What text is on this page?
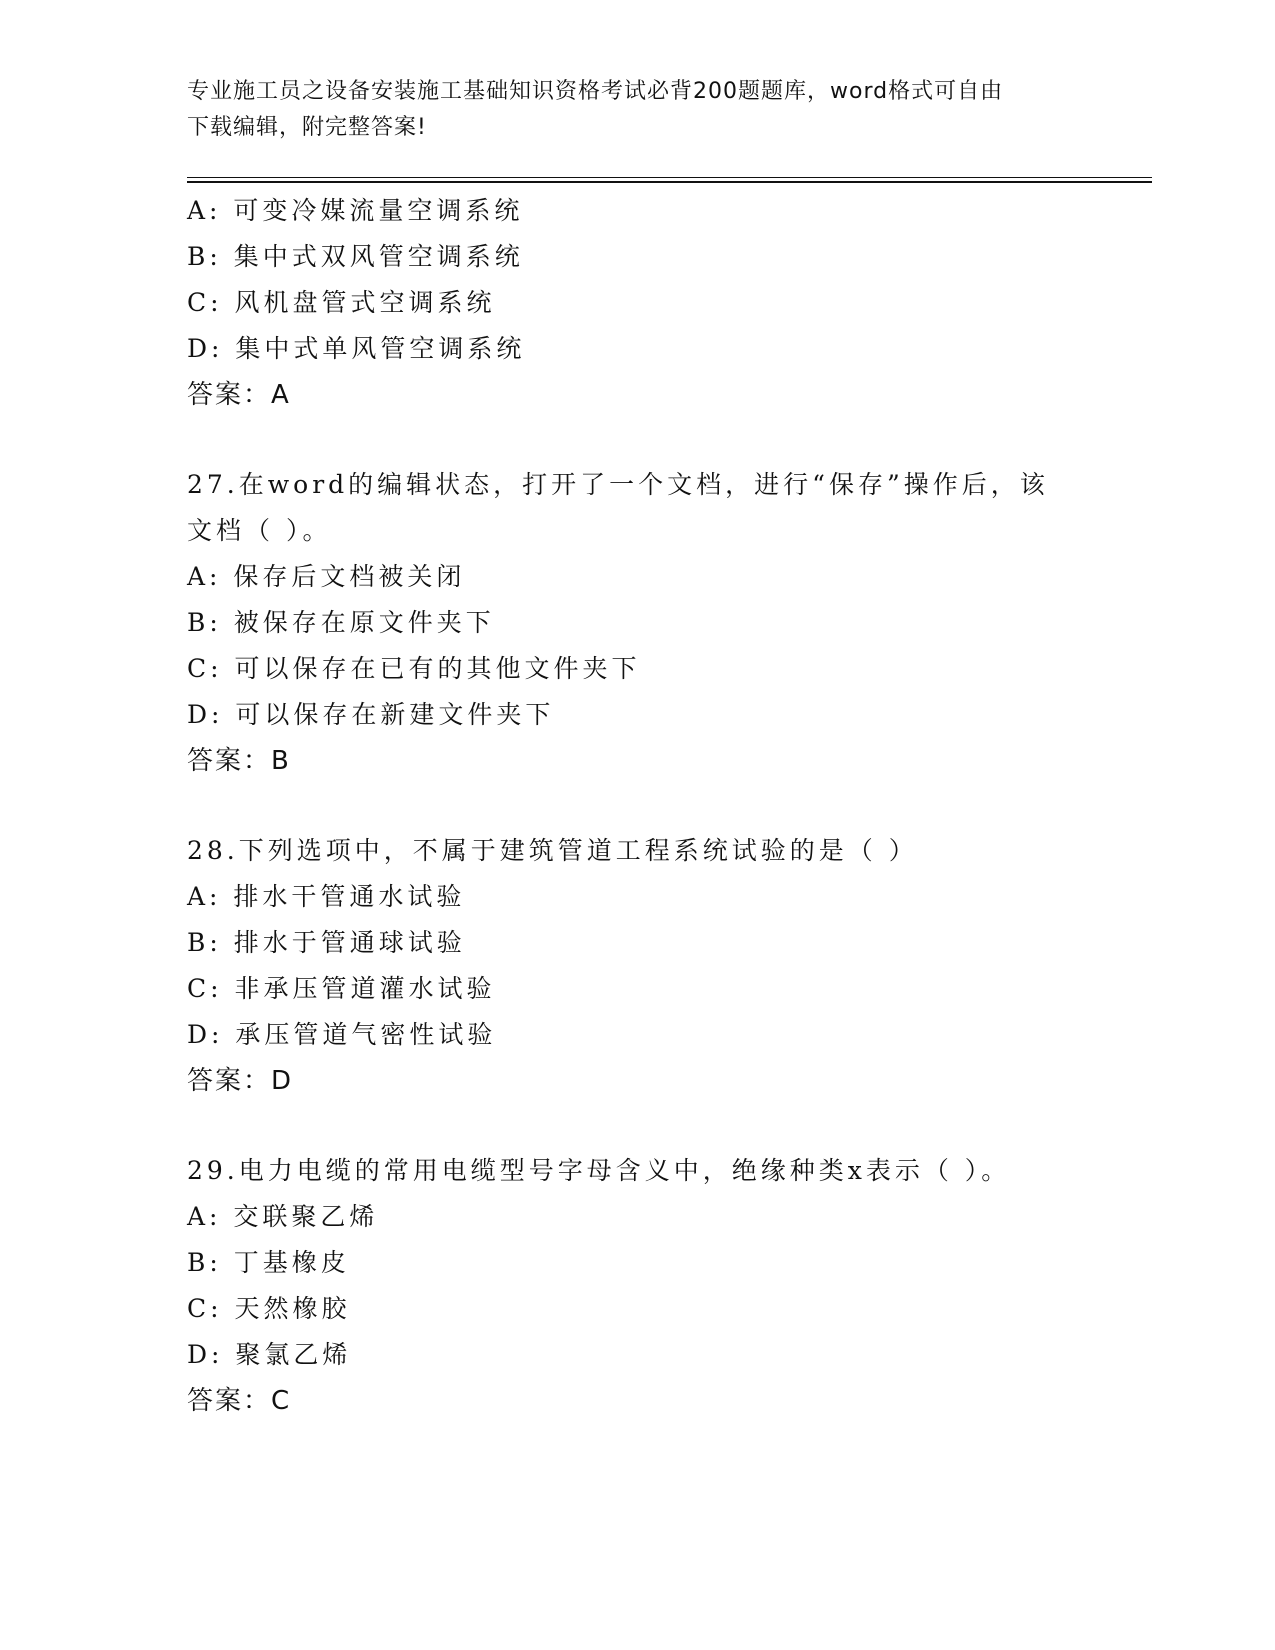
专业施工员之设备安装施工基础知识资格考试必背200题题库，word格式可自由
下载编辑，附完整答案!
A: 可变冷媒流量空调系统
B: 集中式双风管空调系统
C: 风机盘管式空调系统
D: 集中式单风管空调系统
答案：A
27.在word的编辑状态，打开了一个文档，进行“保存”操作后，该
文档（ ）。
A: 保存后文档被关闭
B: 被保存在原文件夹下
C: 可以保存在已有的其他文件夹下
D: 可以保存在新建文件夹下
答案：B
28.下列选项中，不属于建筑管道工程系统试验的是（ ）
A: 排水干管通水试验
B: 排水于管通球试验
C: 非承压管道灌水试验
D: 承压管道气密性试验
答案：D
29.电力电缆的常用电缆型号字母含义中，绝缘种类x表示（ ）。
A: 交联聚乙烯
B: 丁基橡皮
C: 天然橡胶
D: 聚氯乙烯
答案：C
